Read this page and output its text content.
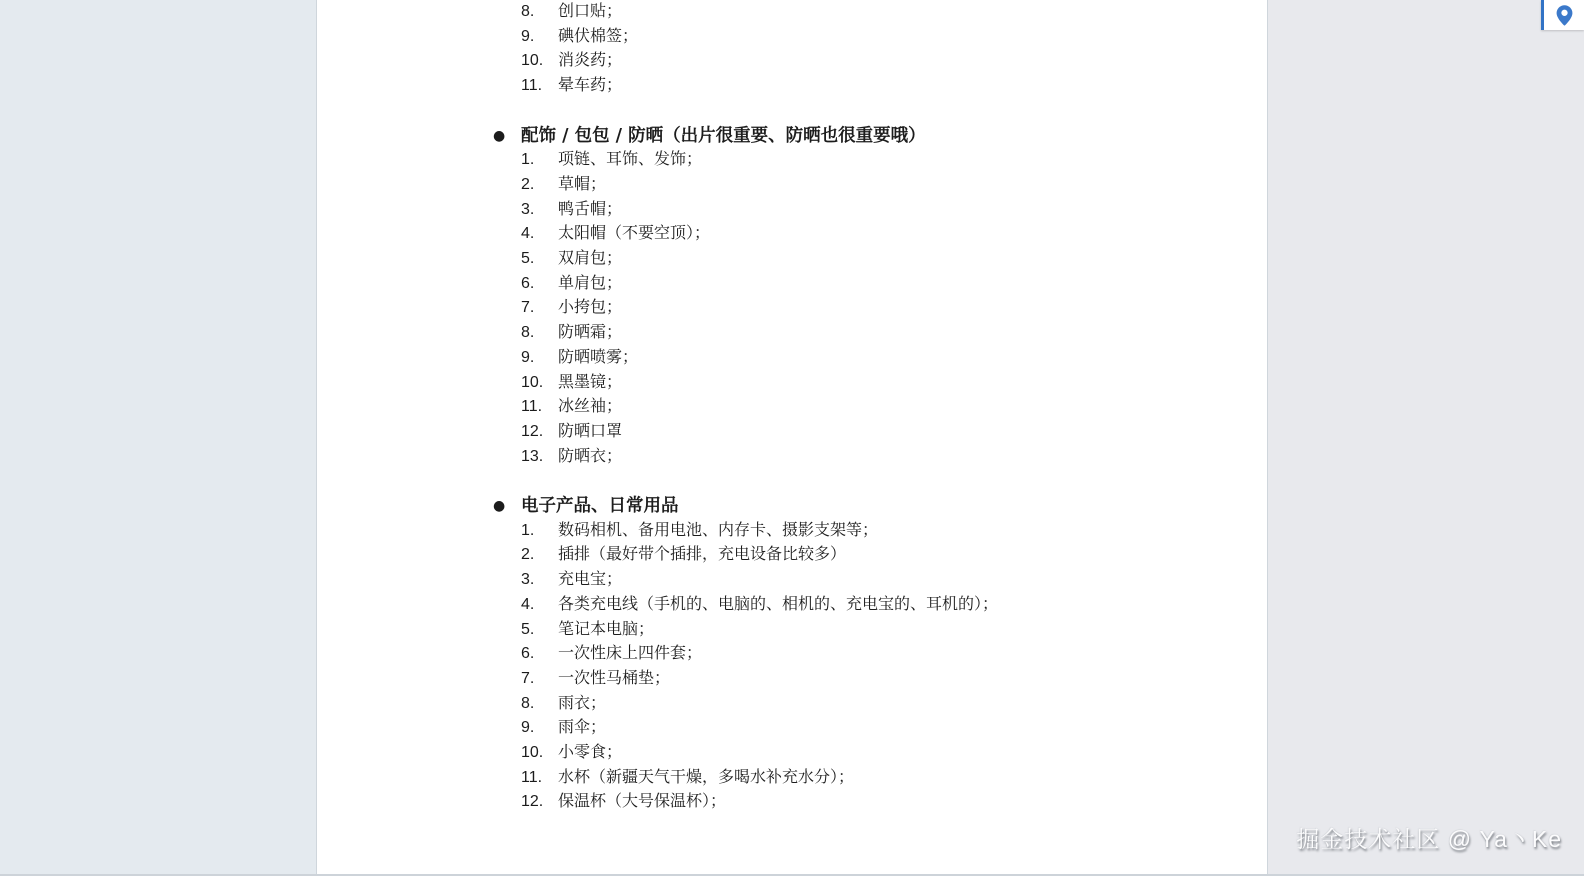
8.	创口贴；
9.	碘伏棉签；
10. 消炎药；
11. 晕车药；
● 配饰 / 包包 / 防晒（出片很重要、防晒也很重要哦）
1.	项链、耳饰、发饰；
2.	草帽；
3.	鸭舌帽；
4.	太阳帽（不要空顶）；
5.	双肩包；
6.	单肩包；
7.	小挎包；
8.	防晒霜；
9.	防晒喷雾；
10. 黑墨镜；
11. 冰丝袖；
12. 防晒口罩
13. 防晒衣；
● 电子产品、日常用品
1.	数码相机、备用电池、内存卡、摄影支架等；
2.	插排（最好带个插排，充电设备比较多）
3.	充电宝；
4.	各类充电线（手机的、电脑的、相机的、充电宝的、耳机的）；
5.	笔记本电脑；
6.	一次性床上四件套；
7.	一次性马桶垫；
8.	雨衣；
9.	雨伞；
10. 小零食；
11. 水杯（新疆天气干燥，多喝水补充水分）；
12. 保温杯（大号保温杯）；
掘金技术社区 @ Ya丶Ke
